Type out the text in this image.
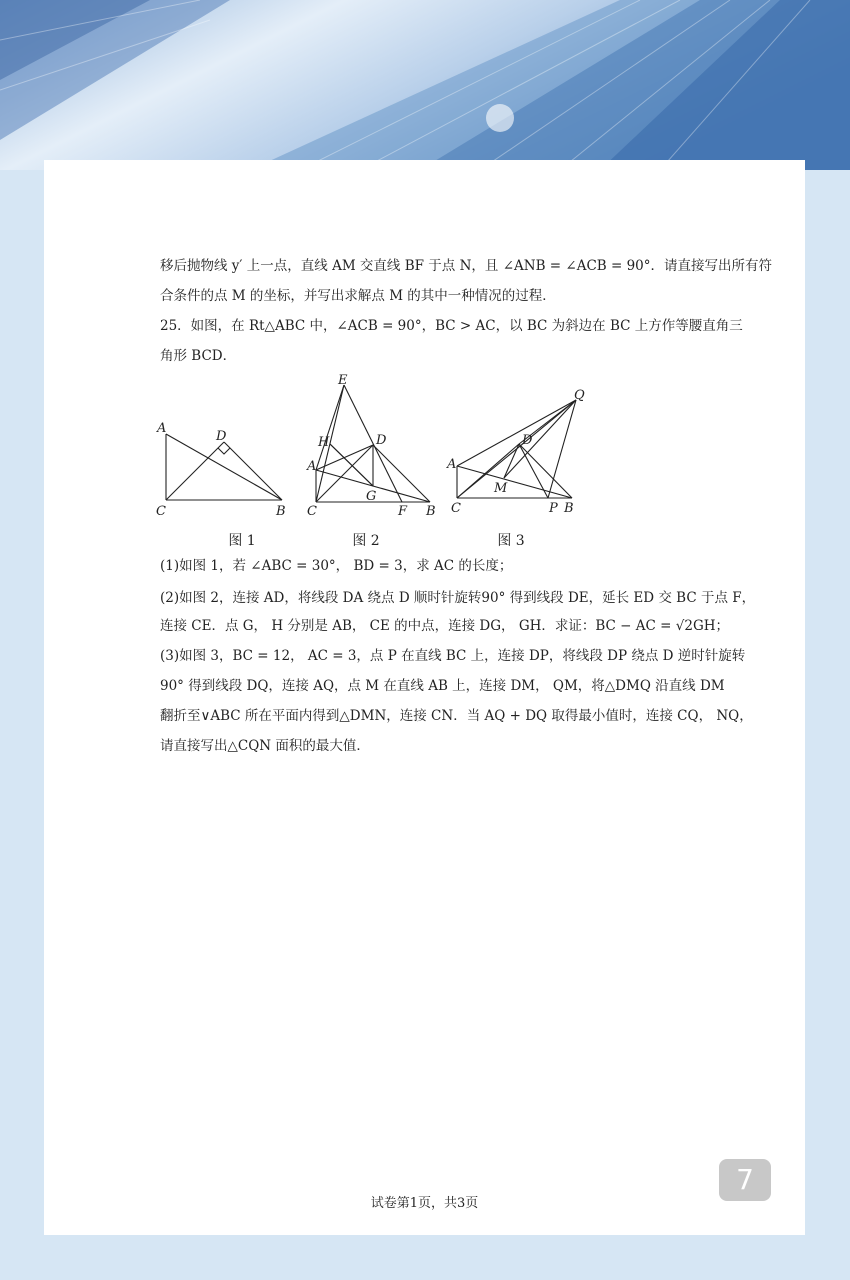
移后抛物线 y′ 上一点，直线 AM 交直线 BF 于点 N，且 ∠ANB = ∠ACB = 90°．请直接写出所有符
合条件的点 M 的坐标，并写出求解点 M 的其中一种情况的过程．
25．如图，在 Rt△ABC 中，∠ACB = 90°，BC > AC，以 BC 为斜边在 BC 上方作等腰直角三
角形 BCD．
A
D
C	B
E
H	D
A
G
C	F B
Q
D
A
M
C	P B
图 1	图 2	图 3
(1)如图 1，若 ∠ABC = 30°， BD = 3，求 AC 的长度；
(2)如图 2，连接 AD，将线段 DA 绕点 D 顺时针旋转90° 得到线段 DE，延长 ED 交 BC 于点 F，
连接 CE．点 G， H 分别是 AB， CE 的中点，连接 DG， GH．求证：BC − AC = √2GH；
(3)如图 3，BC = 12， AC = 3，点 P 在直线 BC 上，连接 DP，将线段 DP 绕点 D 逆时针旋转
90° 得到线段 DQ，连接 AQ，点 M 在直线 AB 上，连接 DM， QM，将△DMQ 沿直线 DM
翻折至∨ABC 所在平面内得到△DMN，连接 CN．当 AQ + DQ 取得最小值时，连接 CQ， NQ，
请直接写出△CQN 面积的最大值．
试卷第1页，共3页
7
